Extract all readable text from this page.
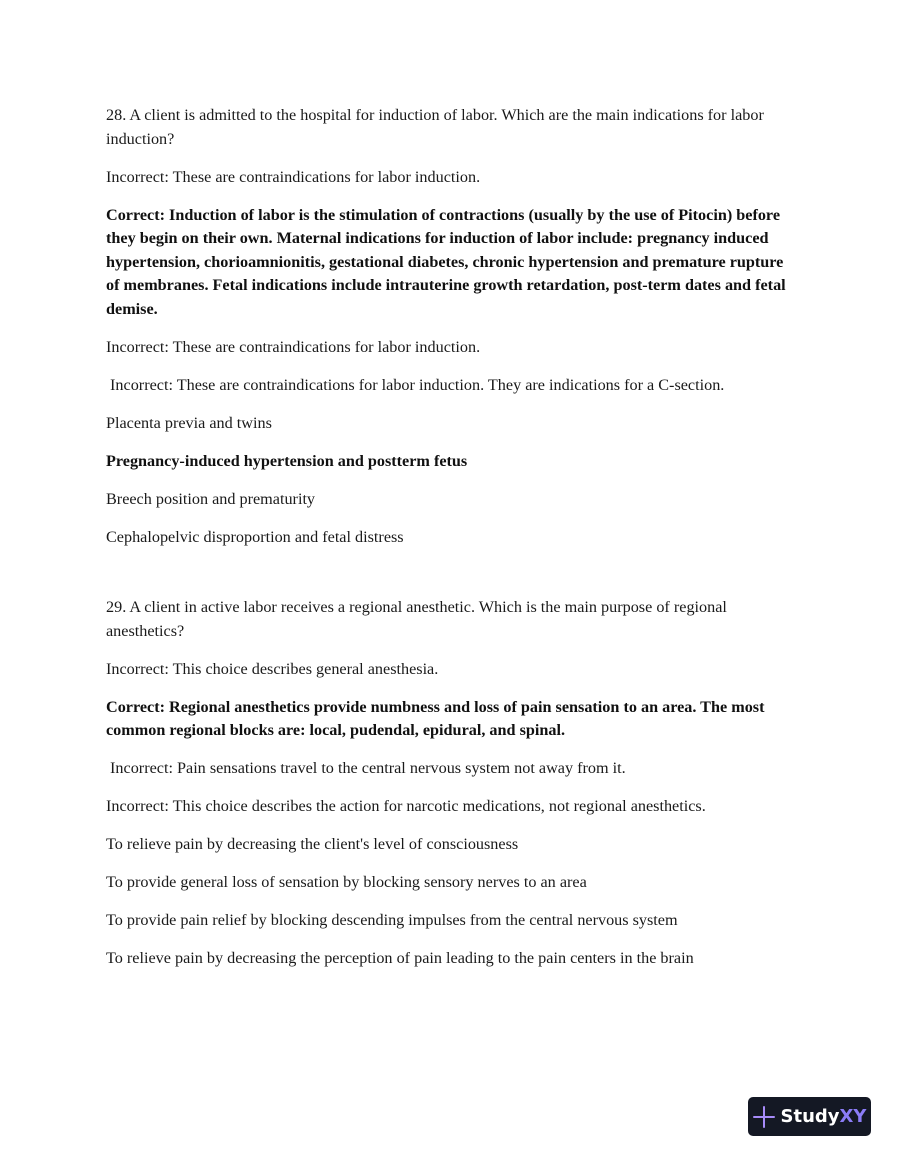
28. A client is admitted to the hospital for induction of labor. Which are the main indications for labor induction?

Incorrect: These are contraindications for labor induction.

Correct: Induction of labor is the stimulation of contractions (usually by the use of Pitocin) before they begin on their own. Maternal indications for induction of labor include: pregnancy induced hypertension, chorioamnionitis, gestational diabetes, chronic hypertension and premature rupture of membranes. Fetal indications include intrauterine growth retardation, post-term dates and fetal demise.

Incorrect: These are contraindications for labor induction.

Incorrect: These are contraindications for labor induction. They are indications for a C-section.

Placenta previa and twins

Pregnancy-induced hypertension and postterm fetus

Breech position and prematurity

Cephalopelvic disproportion and fetal distress

29. A client in active labor receives a regional anesthetic. Which is the main purpose of regional anesthetics?

Incorrect: This choice describes general anesthesia.

Correct: Regional anesthetics provide numbness and loss of pain sensation to an area. The most common regional blocks are: local, pudendal, epidural, and spinal.

Incorrect: Pain sensations travel to the central nervous system not away from it.

Incorrect: This choice describes the action for narcotic medications, not regional anesthetics.

To relieve pain by decreasing the client's level of consciousness

To provide general loss of sensation by blocking sensory nerves to an area

To provide pain relief by blocking descending impulses from the central nervous system

To relieve pain by decreasing the perception of pain leading to the pain centers in the brain

StudyXY
